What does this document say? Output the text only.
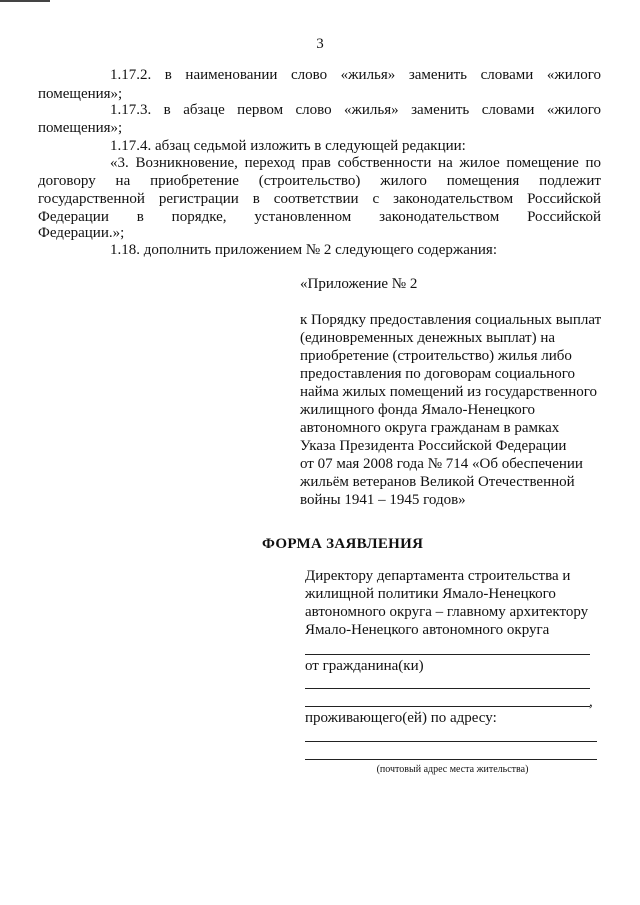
3
1.17.2. в наименовании слово «жилья» заменить словами «жилого
помещения»;
1.17.3. в абзаце первом слово «жилья» заменить словами «жилого
помещения»;
1.17.4. абзац седьмой изложить в следующей редакции:
«3. Возникновение, переход прав собственности на жилое помещение по
договору на приобретение (строительство) жилого помещения подлежит
государственной регистрации в соответствии с законодательством Российской
Федерации в порядке, установленном законодательством Российской
Федерации.»;
1.18. дополнить приложением № 2 следующего содержания:
«Приложение № 2
к Порядку предоставления социальных выплат
(единовременных денежных выплат) на
приобретение (строительство) жилья либо
предоставления по договорам социального
найма жилых помещений из государственного
жилищного фонда Ямало-Ненецкого
автономного округа гражданам в рамках
Указа Президента Российской Федерации
от 07 мая 2008 года № 714 «Об обеспечении
жильём ветеранов Великой Отечественной
войны 1941 – 1945 годов»
ФОРМА ЗАЯВЛЕНИЯ
Директору департамента строительства и
жилищной политики Ямало-Ненецкого
автономного округа – главному архитектору
Ямало-Ненецкого автономного округа
от гражданина(ки)
,
проживающего(ей) по адресу:
(почтовый адрес места жительства)
